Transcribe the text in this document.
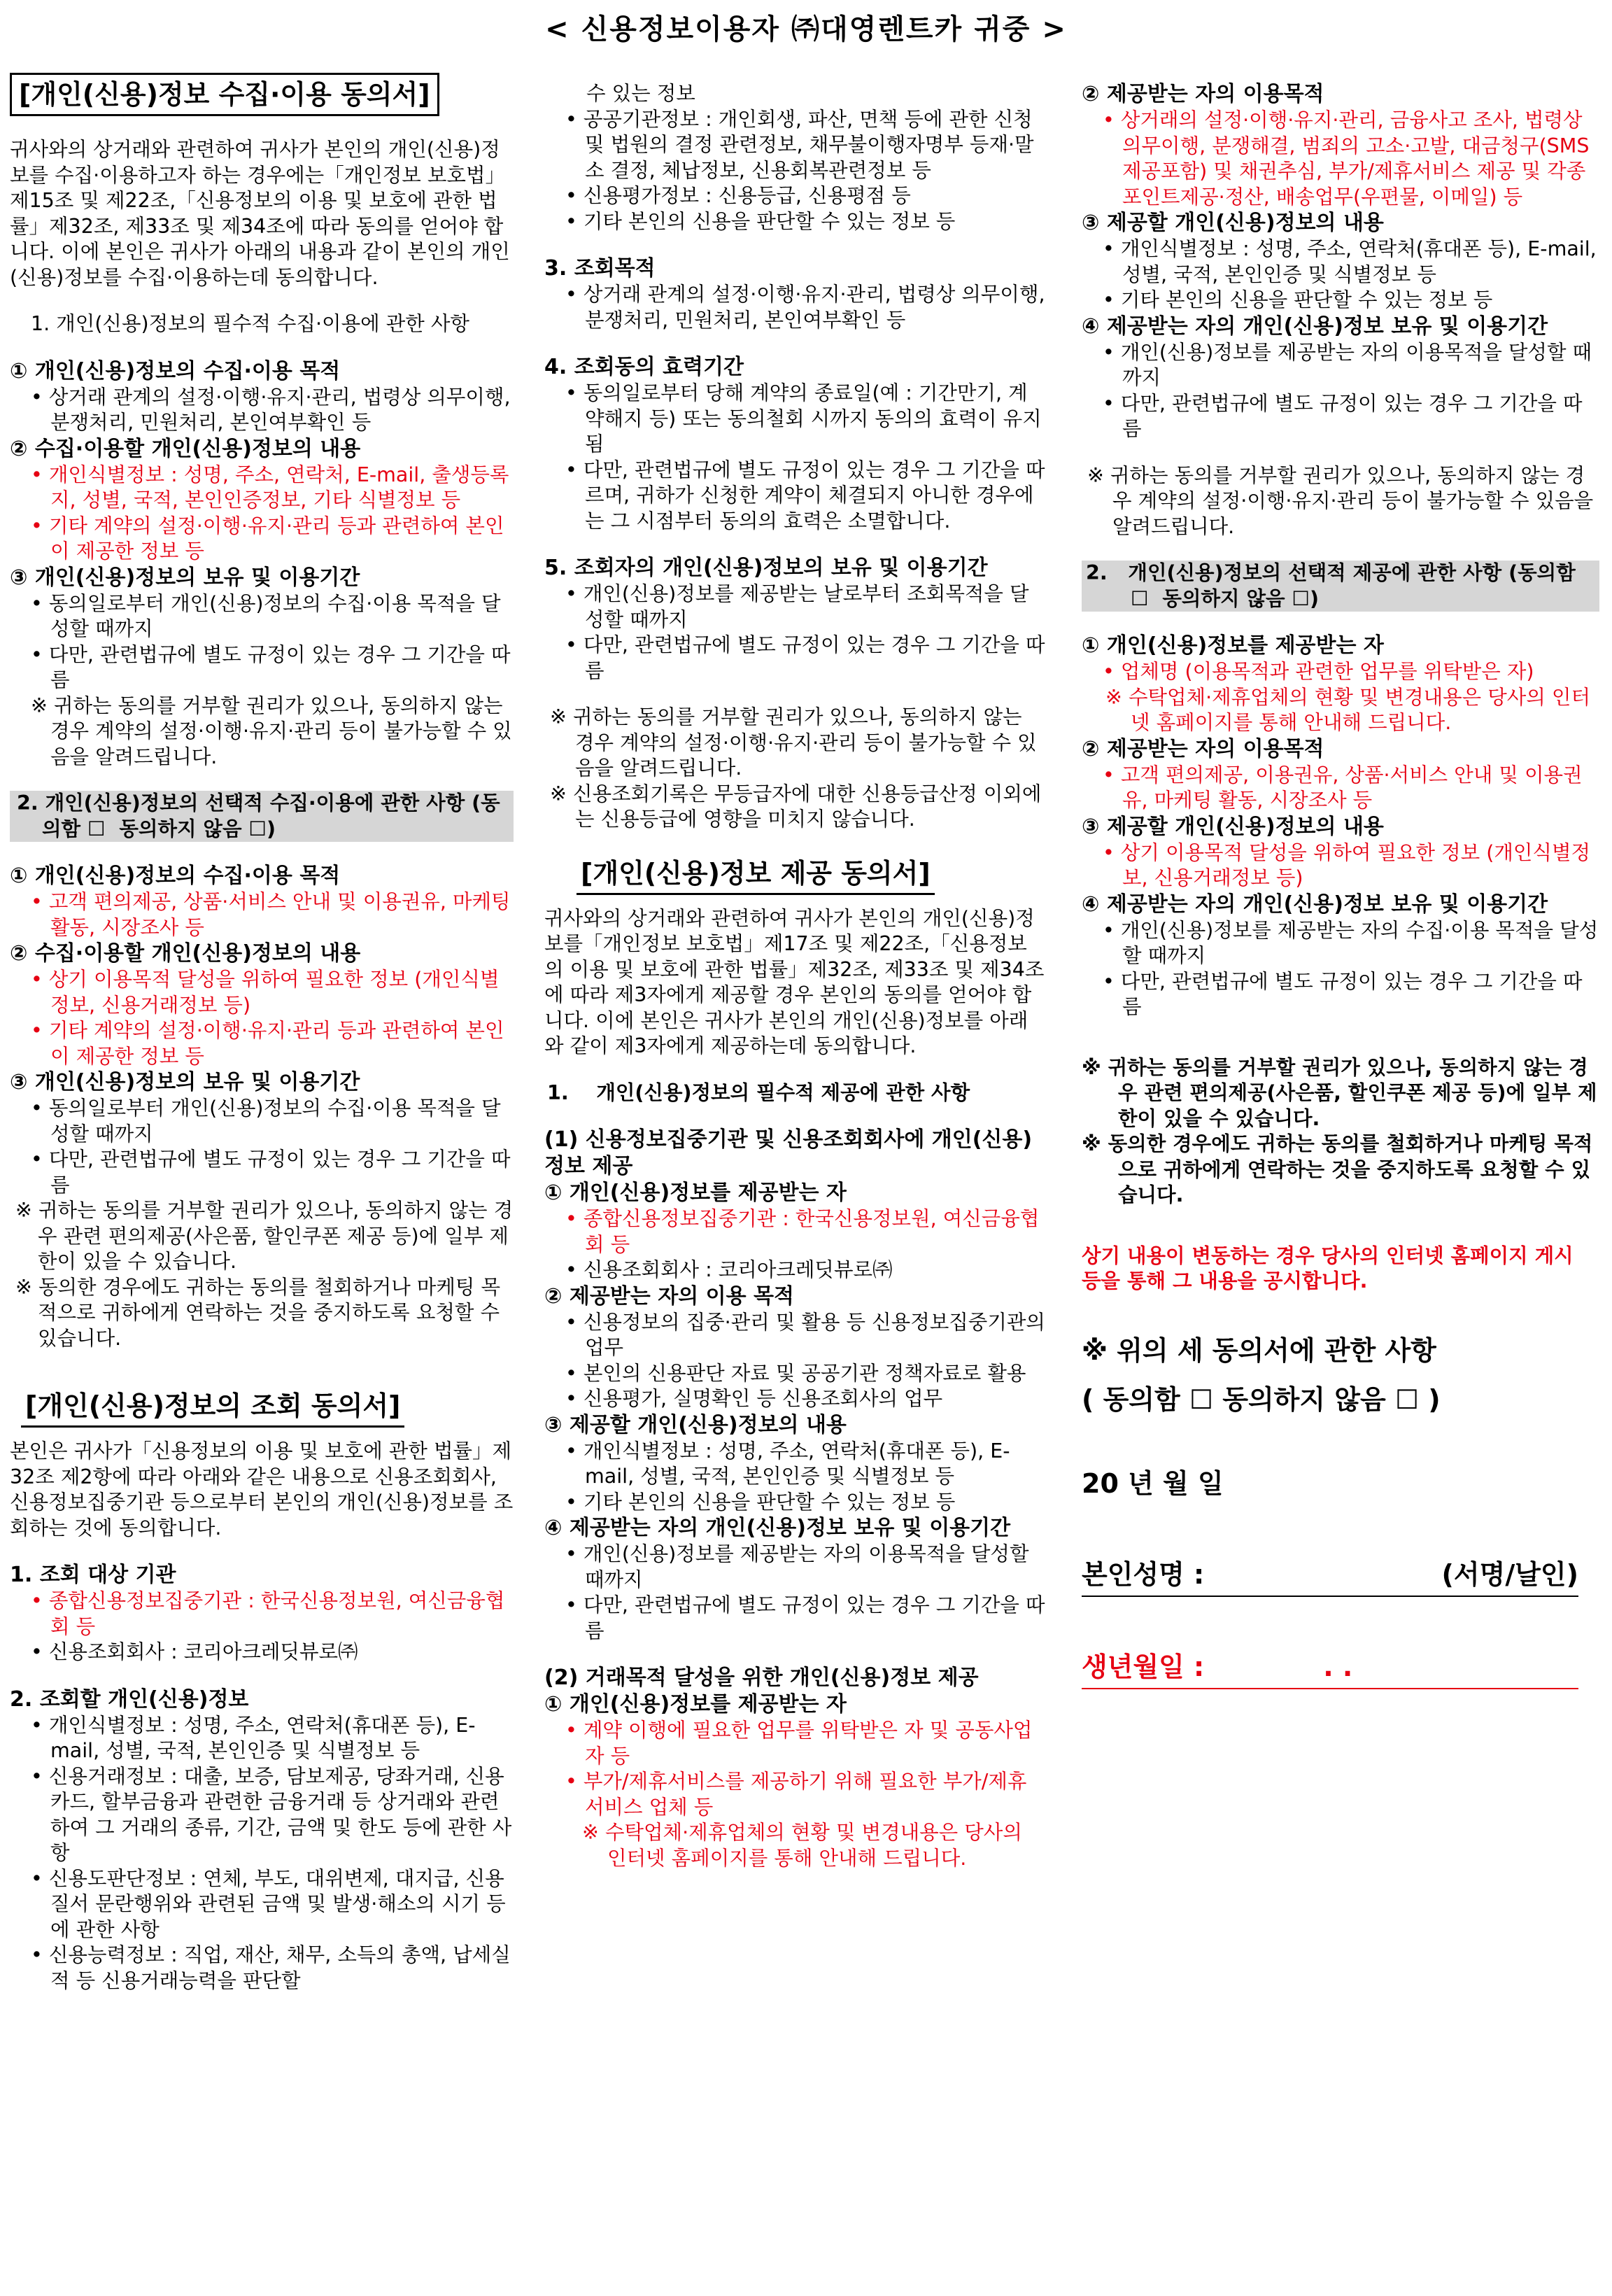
< 신용정보이용자 ㈜대영렌트카 귀중 >
[개인(신용)정보 수집·이용 동의서]

귀사와의 상거래와 관련하여 귀사가 본인의 개인(신용)정보를 수집·이용하고자 하는 경우에는「개인정보 보호법」제15조 및 제22조,「신용정보의 이용 및 보호에 관한 법률」제32조, 제33조 및 제34조에 따라 동의를 얻어야 합니다. 이에 본인은 귀사가 아래의 내용과 같이 본인의 개인(신용)정보를 수집·이용하는데 동의합니다.

1. 개인(신용)정보의 필수적 수집·이용에 관한 사항

① 개인(신용)정보의 수집·이용 목적

• 상거래 관계의 설정·이행·유지·관리, 법령상 의무이행, 분쟁처리, 민원처리, 본인여부확인 등

② 수집·이용할 개인(신용)정보의 내용

• 개인식별정보 : 성명, 주소, 연락처, E-mail, 출생등록지, 성별, 국적, 본인인증정보, 기타 식별정보 등

• 기타 계약의 설정·이행·유지·관리 등과 관련하여 본인이 제공한 정보 등

③ 개인(신용)정보의 보유 및 이용기간

• 동의일로부터 개인(신용)정보의 수집·이용 목적을 달성할 때까지

• 다만, 관련법규에 별도 규정이 있는 경우 그 기간을 따름

※ 귀하는 동의를 거부할 권리가 있으나, 동의하지 않는 경우 계약의 설정·이행·유지·관리 등이 불가능할 수 있음을 알려드립니다.

2. 개인(신용)정보의 선택적 수집·이용에 관한 사항 (동의함 ☐  동의하지 않음 ☐)

① 개인(신용)정보의 수집·이용 목적

• 고객 편의제공, 상품·서비스 안내 및 이용권유, 마케팅 활동, 시장조사 등

② 수집·이용할 개인(신용)정보의 내용

• 상기 이용목적 달성을 위하여 필요한 정보 (개인식별정보, 신용거래정보 등)

• 기타 계약의 설정·이행·유지·관리 등과 관련하여 본인이 제공한 정보 등

③ 개인(신용)정보의 보유 및 이용기간

• 동의일로부터 개인(신용)정보의 수집·이용 목적을 달성할 때까지

• 다만, 관련법규에 별도 규정이 있는 경우 그 기간을 따름

※ 귀하는 동의를 거부할 권리가 있으나, 동의하지 않는 경우 관련 편의제공(사은품, 할인쿠폰 제공 등)에 일부 제한이 있을 수 있습니다.

※ 동의한 경우에도 귀하는 동의를 철회하거나 마케팅 목적으로 귀하에게 연락하는 것을 중지하도록 요청할 수 있습니다.

[개인(신용)정보의 조회 동의서]

본인은 귀사가「신용정보의 이용 및 보호에 관한 법률」제32조 제2항에 따라 아래와 같은 내용으로 신용조회회사, 신용정보집중기관 등으로부터 본인의 개인(신용)정보를 조회하는 것에 동의합니다.

1. 조회 대상 기관

• 종합신용정보집중기관 : 한국신용정보원, 여신금융협회 등

• 신용조회회사 : 코리아크레딧뷰로㈜

2. 조회할 개인(신용)정보

• 개인식별정보 : 성명, 주소, 연락처(휴대폰 등), E-mail, 성별, 국적, 본인인증 및 식별정보 등

• 신용거래정보 : 대출, 보증, 담보제공, 당좌거래, 신용카드, 할부금융과 관련한 금융거래 등 상거래와 관련하여 그 거래의 종류, 기간, 금액 및 한도 등에 관한 사항

• 신용도판단정보 : 연체, 부도, 대위변제, 대지급, 신용질서 문란행위와 관련된 금액 및 발생·해소의 시기 등에 관한 사항

• 신용능력정보 : 직업, 재산, 채무, 소득의 총액, 납세실적 등 신용거래능력을 판단할

수 있는 정보

• 공공기관정보 : 개인회생, 파산, 면책 등에 관한 신청 및 법원의 결정 관련정보, 채무불이행자명부 등재·말소 결정, 체납정보, 신용회복관련정보 등

• 신용평가정보 : 신용등급, 신용평점 등

• 기타 본인의 신용을 판단할 수 있는 정보 등

3. 조회목적

• 상거래 관계의 설정·이행·유지·관리, 법령상 의무이행, 분쟁처리, 민원처리, 본인여부확인 등

4. 조회동의 효력기간

• 동의일로부터 당해 계약의 종료일(예 : 기간만기, 계약해지 등) 또는 동의철회 시까지 동의의 효력이 유지 됨

• 다만, 관련법규에 별도 규정이 있는 경우 그 기간을 따르며, 귀하가 신청한 계약이 체결되지 아니한 경우에는 그 시점부터 동의의 효력은 소멸합니다.

5. 조회자의 개인(신용)정보의 보유 및 이용기간

• 개인(신용)정보를 제공받는 날로부터 조회목적을 달성할 때까지

• 다만, 관련법규에 별도 규정이 있는 경우 그 기간을 따름

※ 귀하는 동의를 거부할 권리가 있으나, 동의하지 않는 경우 계약의 설정·이행·유지·관리 등이 불가능할 수 있음을 알려드립니다.

※ 신용조회기록은 무등급자에 대한 신용등급산정 이외에는 신용등급에 영향을 미치지 않습니다.

[개인(신용)정보 제공 동의서]

귀사와의 상거래와 관련하여 귀사가 본인의 개인(신용)정보를「개인정보 보호법」제17조 및 제22조,「신용정보의 이용 및 보호에 관한 법률」제32조, 제33조 및 제34조에 따라 제3자에게 제공할 경우 본인의 동의를 얻어야 합니다. 이에 본인은 귀사가 본인의 개인(신용)정보를 아래와 같이 제3자에게 제공하는데 동의합니다.

1.    개인(신용)정보의 필수적 제공에 관한 사항

(1) 신용정보집중기관 및 신용조회회사에 개인(신용)정보 제공

① 개인(신용)정보를 제공받는 자

• 종합신용정보집중기관 : 한국신용정보원, 여신금융협회 등

• 신용조회회사 : 코리아크레딧뷰로㈜

② 제공받는 자의 이용 목적

• 신용정보의 집중·관리 및 활용 등 신용정보집중기관의 업무

• 본인의 신용판단 자료 및 공공기관 정책자료로 활용

• 신용평가, 실명확인 등 신용조회사의 업무

③ 제공할 개인(신용)정보의 내용

• 개인식별정보 : 성명, 주소, 연락처(휴대폰 등), E-mail, 성별, 국적, 본인인증 및 식별정보 등

• 기타 본인의 신용을 판단할 수 있는 정보 등

④ 제공받는 자의 개인(신용)정보 보유 및 이용기간

• 개인(신용)정보를 제공받는 자의 이용목적을 달성할 때까지

• 다만, 관련법규에 별도 규정이 있는 경우 그 기간을 따름

(2) 거래목적 달성을 위한 개인(신용)정보 제공

① 개인(신용)정보를 제공받는 자

• 계약 이행에 필요한 업무를 위탁받은 자 및 공동사업자 등

• 부가/제휴서비스를 제공하기 위해 필요한 부가/제휴서비스 업체 등

※ 수탁업체·제휴업체의 현황 및 변경내용은 당사의 인터넷 홈페이지를 통해 안내해 드립니다.

② 제공받는 자의 이용목적

• 상거래의 설정·이행·유지·관리, 금융사고 조사, 법령상 의무이행, 분쟁해결, 범죄의 고소·고발, 대금청구(SMS제공포함) 및 채권추심, 부가/제휴서비스 제공 및 각종 포인트제공·정산, 배송업무(우편물, 이메일) 등

③ 제공할 개인(신용)정보의 내용

• 개인식별정보 : 성명, 주소, 연락처(휴대폰 등), E-mail, 성별, 국적, 본인인증 및 식별정보 등

• 기타 본인의 신용을 판단할 수 있는 정보 등

④ 제공받는 자의 개인(신용)정보 보유 및 이용기간

• 개인(신용)정보를 제공받는 자의 이용목적을 달성할 때까지

• 다만, 관련법규에 별도 규정이 있는 경우 그 기간을 따름

※ 귀하는 동의를 거부할 권리가 있으나, 동의하지 않는 경우 계약의 설정·이행·유지·관리 등이 불가능할 수 있음을 알려드립니다.

2.   개인(신용)정보의 선택적 제공에 관한 사항 (동의함 ☐  동의하지 않음 ☐)

① 개인(신용)정보를 제공받는 자

• 업체명 (이용목적과 관련한 업무를 위탁받은 자)

※ 수탁업체·제휴업체의 현황 및 변경내용은 당사의 인터넷 홈페이지를 통해 안내해 드립니다.

② 제공받는 자의 이용목적

• 고객 편의제공, 이용권유, 상품·서비스 안내 및 이용권유, 마케팅 활동, 시장조사 등

③ 제공할 개인(신용)정보의 내용

• 상기 이용목적 달성을 위하여 필요한 정보 (개인식별정보, 신용거래정보 등)

④ 제공받는 자의 개인(신용)정보 보유 및 이용기간

• 개인(신용)정보를 제공받는 자의 수집·이용 목적을 달성할 때까지

• 다만, 관련법규에 별도 규정이 있는 경우 그 기간을 따름

※ 귀하는 동의를 거부할 권리가 있으나, 동의하지 않는 경우 관련 편의제공(사은품, 할인쿠폰 제공 등)에 일부 제한이 있을 수 있습니다.

※ 동의한 경우에도 귀하는 동의를 철회하거나 마케팅 목적으로 귀하에게 연락하는 것을 중지하도록 요청할 수 있습니다.

상기 내용이 변동하는 경우 당사의 인터넷 홈페이지 게시 등을 통해 그 내용을 공시합니다.

※ 위의 세 동의서에 관한 사항

( 동의함 ☐ 동의하지 않음 ☐ )

20 년 월 일

본인성명 :	(서명/날인)
생년월일 :	. .
